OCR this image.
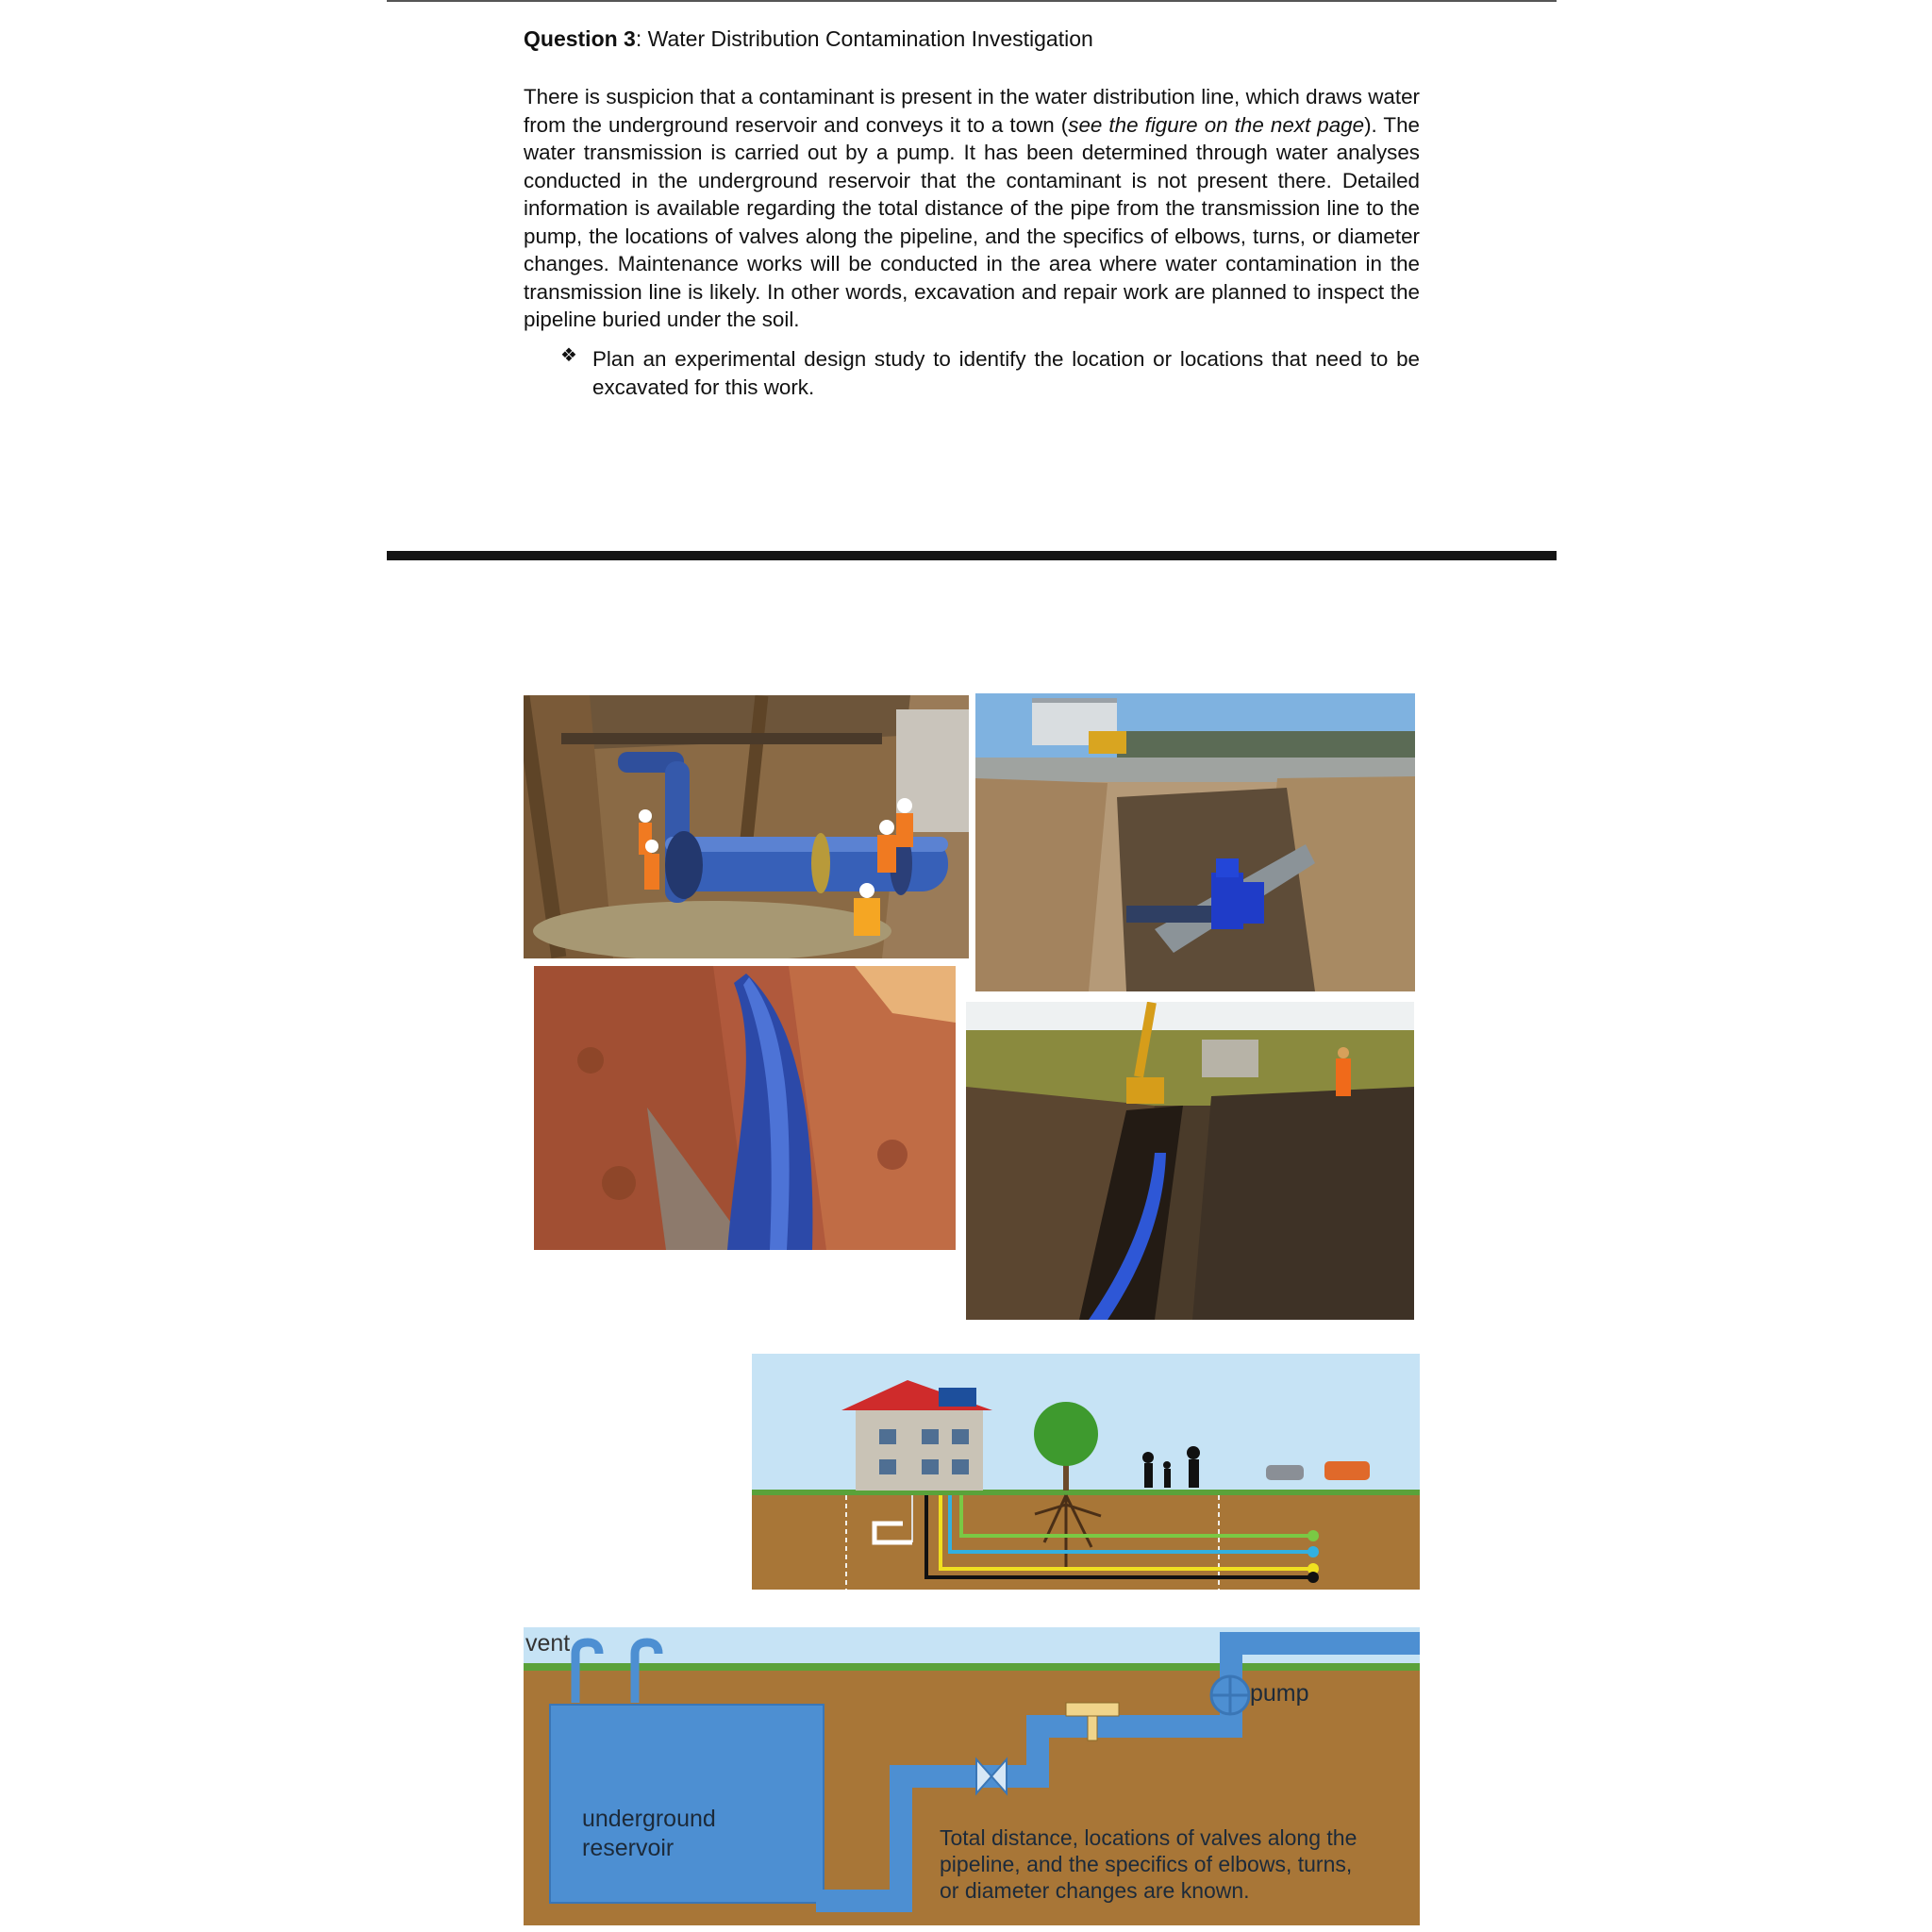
Question 3: Water Distribution Contamination Investigation

There is suspicion that a contaminant is present in the water distribution line, which draws water from the underground reservoir and conveys it to a town (see the figure on the next page). The water transmission is carried out by a pump. It has been determined through water analyses conducted in the underground reservoir that the contaminant is not present there. Detailed information is available regarding the total distance of the pipe from the transmission line to the pump, the locations of valves along the pipeline, and the specifics of elbows, turns, or diameter changes. Maintenance works will be conducted in the area where water contamination in the transmission line is likely. In other words, excavation and repair work are planned to inspect the pipeline buried under the soil.

❖ Plan an experimental design study to identify the location or locations that need to be excavated for this work.

vent
underground
reservoir
pump
Total distance, locations of valves along the
pipeline, and the specifics of elbows, turns,
or diameter changes are known.
